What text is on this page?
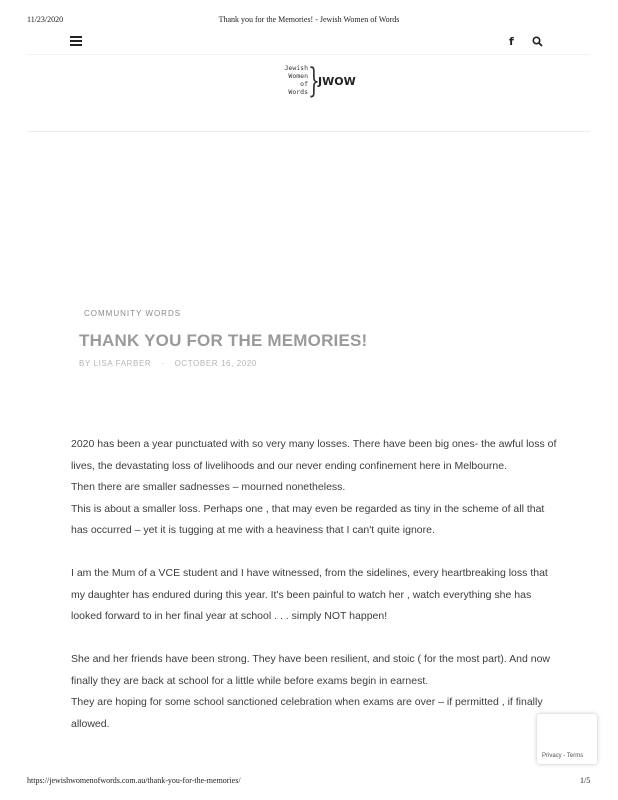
11/23/2020	Thank you for the Memories! - Jewish Women of Words
f
Jewish
Women
of
Words }
JWOW
COMMUNITY WORDS
THANK YOU FOR THE MEMORIES!
BY LISA FARBER · OCTOBER 16, 2020

2020 has been a year punctuated with so very many losses. There have been big ones- the awful loss of lives, the devastating loss of livelihoods and our never ending confinement here in Melbourne.

Then there are smaller sadnesses – mourned nonetheless.

This is about a smaller loss. Perhaps one , that may even be regarded as tiny in the scheme of all that has occurred – yet it is tugging at me with a heaviness that I can't quite ignore.

I am the Mum of a VCE student and I have witnessed, from the sidelines, every heartbreaking loss that my daughter has endured during this year. It's been painful to watch her , watch everything she has looked forward to in her final year at school . . . simply NOT happen!

She and her friends have been strong. They have been resilient, and stoic ( for the most part). And now finally they are back at school for a little while before exams begin in earnest.

They are hoping for some school sanctioned celebration when exams are over – if permitted , if finally allowed.

Privacy - Terms
https://jewishwomenofwords.com.au/thank-you-for-the-memories/	1/5
